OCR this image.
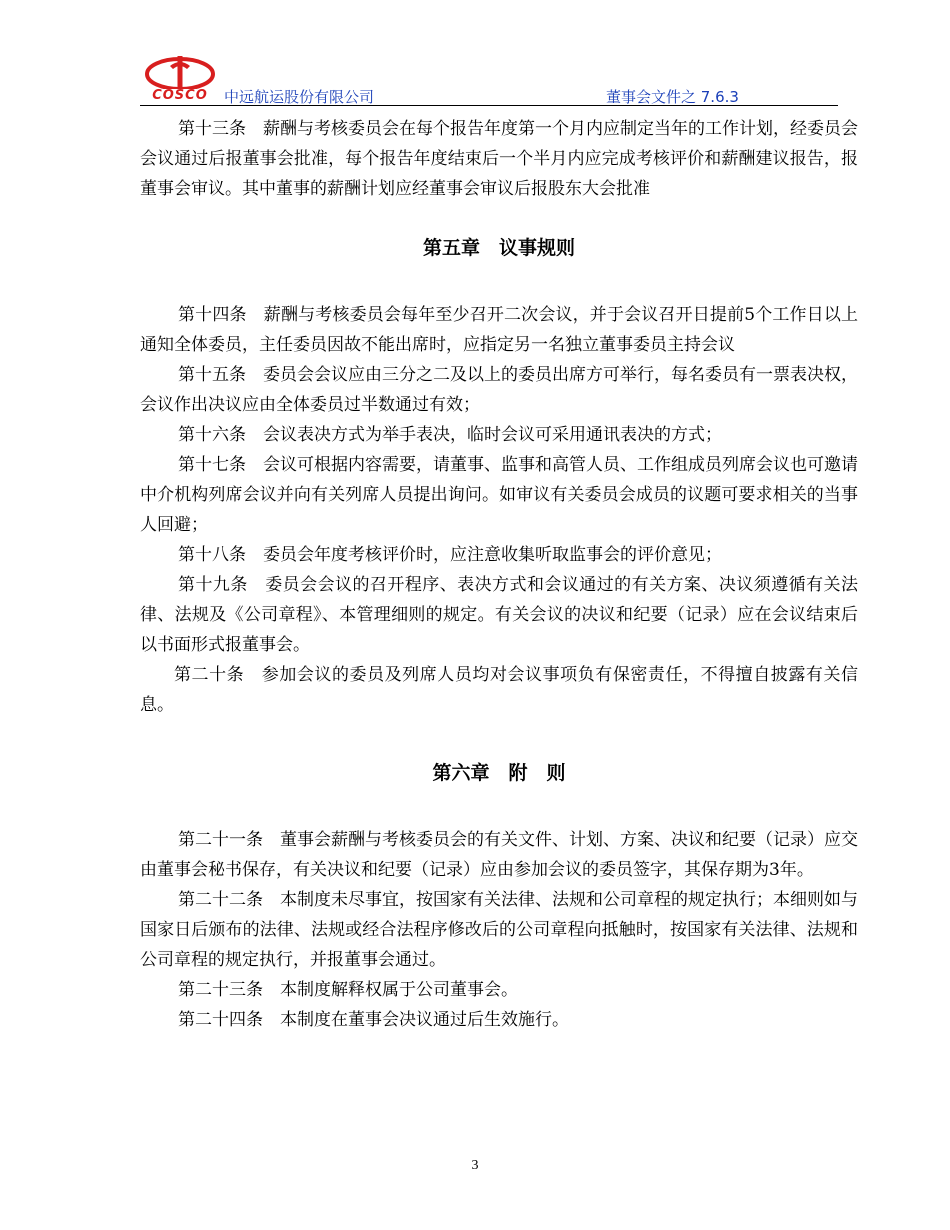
COSCO 中远航运股份有限公司	董事会文件之 7.6.3

第十三条　薪酬与考核委员会在每个报告年度第一个月内应制定当年的工作计划，经委员会会议通过后报董事会批准，每个报告年度结束后一个半月内应完成考核评价和薪酬建议报告，报董事会审议。其中董事的薪酬计划应经董事会审议后报股东大会批准

第五章　议事规则

第十四条　薪酬与考核委员会每年至少召开二次会议，并于会议召开日提前5个工作日以上通知全体委员，主任委员因故不能出席时，应指定另一名独立董事委员主持会议

第十五条　委员会会议应由三分之二及以上的委员出席方可举行，每名委员有一票表决权，会议作出决议应由全体委员过半数通过有效；

第十六条　会议表决方式为举手表决，临时会议可采用通讯表决的方式；

第十七条　会议可根据内容需要，请董事、监事和高管人员、工作组成员列席会议也可邀请中介机构列席会议并向有关列席人员提出询问。如审议有关委员会成员的议题可要求相关的当事人回避；

第十八条　委员会年度考核评价时，应注意收集听取监事会的评价意见；

第十九条　委员会会议的召开程序、表决方式和会议通过的有关方案、决议须遵循有关法律、法规及《公司章程》、本管理细则的规定。有关会议的决议和纪要（记录）应在会议结束后以书面形式报董事会。

第二十条　参加会议的委员及列席人员均对会议事项负有保密责任，不得擅自披露有关信息。

第六章　附　则

第二十一条　董事会薪酬与考核委员会的有关文件、计划、方案、决议和纪要（记录）应交由董事会秘书保存，有关决议和纪要（记录）应由参加会议的委员签字，其保存期为3年。

第二十二条　本制度未尽事宜，按国家有关法律、法规和公司章程的规定执行；本细则如与国家日后颁布的法律、法规或经合法程序修改后的公司章程向抵触时，按国家有关法律、法规和公司章程的规定执行，并报董事会通过。

第二十三条　本制度解释权属于公司董事会。

第二十四条　本制度在董事会决议通过后生效施行。

3
